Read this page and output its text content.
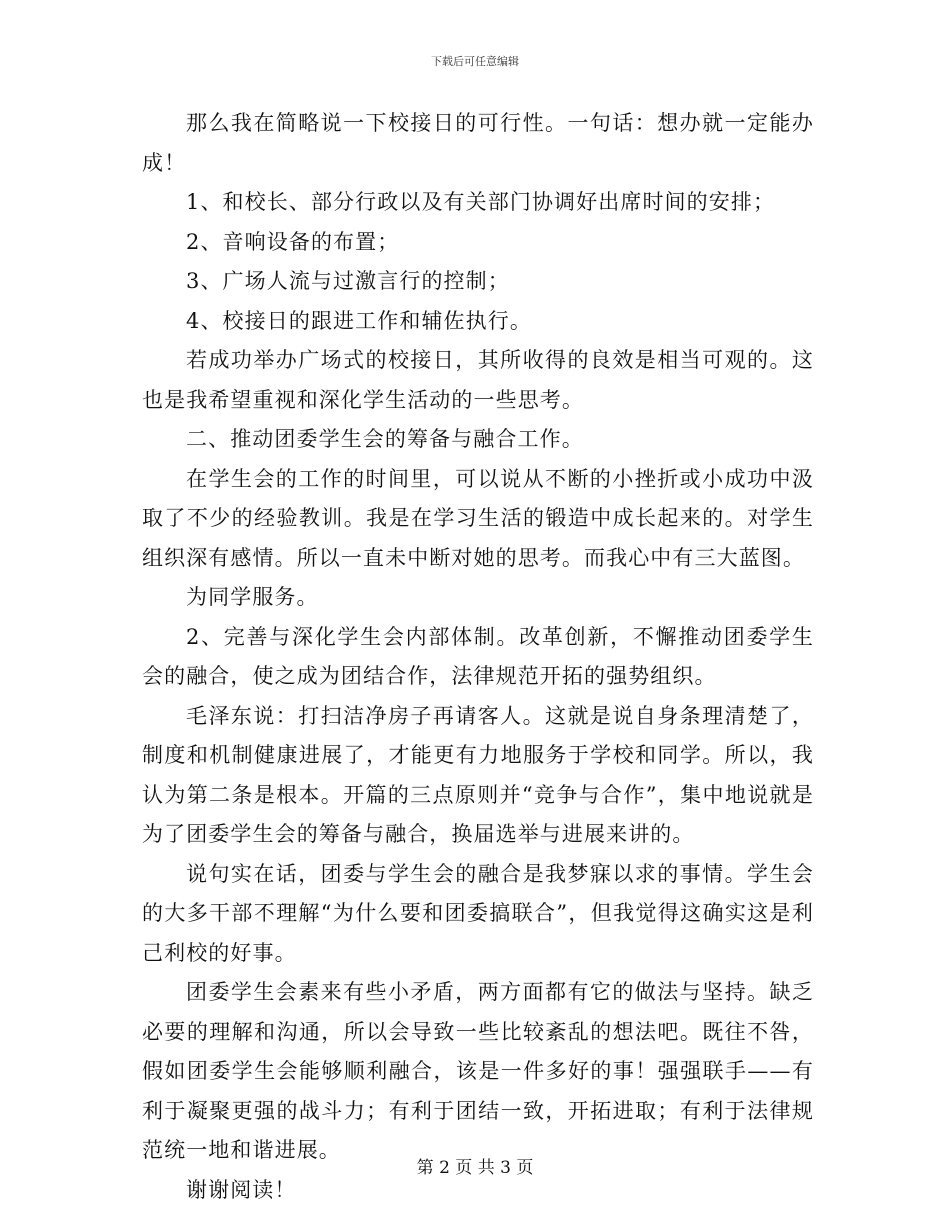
下载后可任意编辑

那么我在简略说一下校接日的可行性。一句话：想办就一定能办成！

1、和校长、部分行政以及有关部门协调好出席时间的安排；

2、音响设备的布置；

3、广场人流与过激言行的控制；

4、校接日的跟进工作和辅佐执行。

若成功举办广场式的校接日，其所收得的良效是相当可观的。这也是我希望重视和深化学生活动的一些思考。

二、推动团委学生会的筹备与融合工作。

在学生会的工作的时间里，可以说从不断的小挫折或小成功中汲取了不少的经验教训。我是在学习生活的锻造中成长起来的。对学生组织深有感情。所以一直未中断对她的思考。而我心中有三大蓝图。

为同学服务。

2、完善与深化学生会内部体制。改革创新，不懈推动团委学生会的融合，使之成为团结合作，法律规范开拓的强势组织。

毛泽东说：打扫洁净房子再请客人。这就是说自身条理清楚了，制度和机制健康进展了，才能更有力地服务于学校和同学。所以，我认为第二条是根本。开篇的三点原则并“竞争与合作”，集中地说就是为了团委学生会的筹备与融合，换届选举与进展来讲的。

说句实在话，团委与学生会的融合是我梦寐以求的事情。学生会的大多干部不理解“为什么要和团委搞联合”，但我觉得这确实这是利己利校的好事。

团委学生会素来有些小矛盾，两方面都有它的做法与坚持。缺乏必要的理解和沟通，所以会导致一些比较紊乱的想法吧。既往不咎，假如团委学生会能够顺利融合，该是一件多好的事！强强联手——有利于凝聚更强的战斗力；有利于团结一致，开拓进取；有利于法律规范统一地和谐进展。

谢谢阅读！

第 2 页 共 3 页
